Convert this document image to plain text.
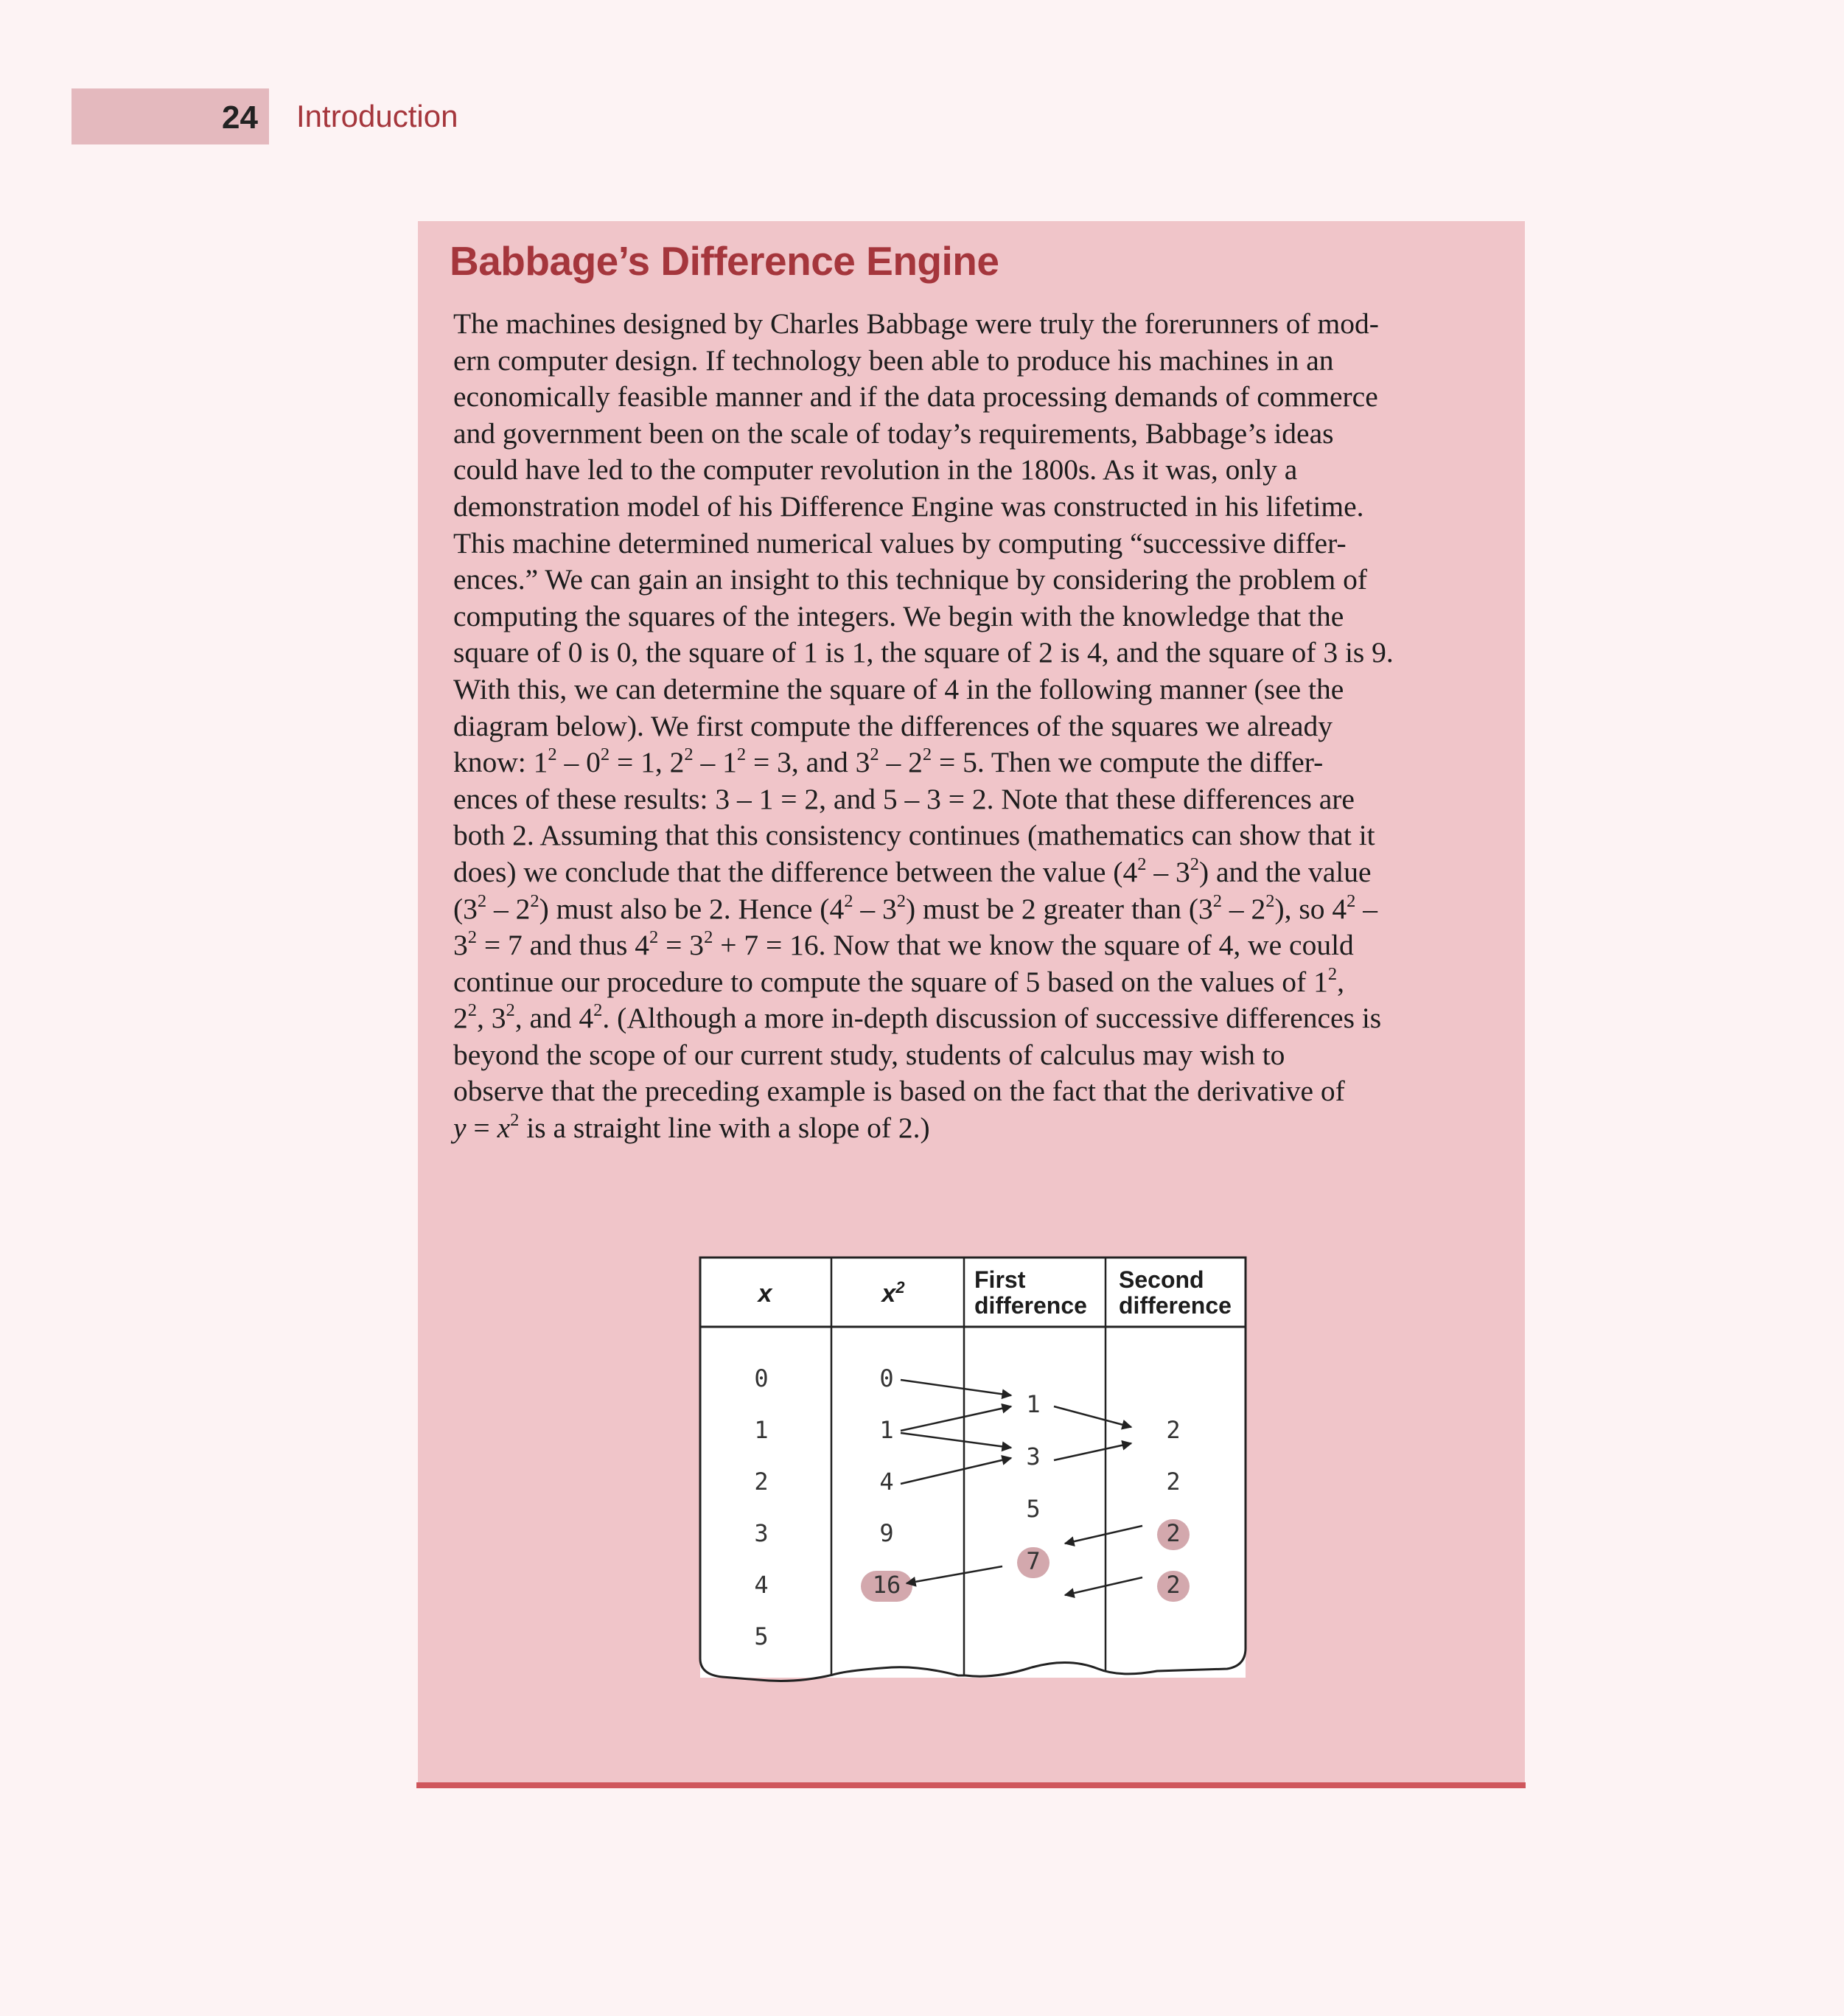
24 Introduction
Babbage’s Difference Engine
The machines designed by Charles Babbage were truly the forerunners of mod-
ern computer design. If technology been able to produce his machines in an
economically feasible manner and if the data processing demands of commerce
and government been on the scale of today’s requirements, Babbage’s ideas
could have led to the computer revolution in the 1800s. As it was, only a
demonstration model of his Difference Engine was constructed in his lifetime.
This machine determined numerical values by computing “successive differ-
ences.” We can gain an insight to this technique by considering the problem of
computing the squares of the integers. We begin with the knowledge that the
square of 0 is 0, the square of 1 is 1, the square of 2 is 4, and the square of 3 is 9.
With this, we can determine the square of 4 in the following manner (see the
diagram below). We first compute the differences of the squares we already
know: $1^2 - 0^2 = 1$, $2^2 - 1^2 = 3$, and $3^2 - 2^2 = 5$. Then we compute the differ-
ences of these results: 3 – 1 = 2, and 5 – 3 = 2. Note that these differences are
both 2. Assuming that this consistency continues (mathematics can show that it
does) we conclude that the difference between the value $(4^2 - 3^2)$ and the value
$(3^2 - 2^2)$ must also be 2. Hence $(4^2 - 3^2)$ must be 2 greater than $(3^2 - 2^2)$, so $4^2$ –
$3^2 = 7$ and thus $4^2 = 3^2 + 7 = 16$. Now that we know the square of 4, we could
continue our procedure to compute the square of 5 based on the values of $1^2$,
$2^2$, $3^2$, and $4^2$. (Although a more in-depth discussion of successive differences is
beyond the scope of our current study, students of calculus may wish to
observe that the preceding example is based on the fact that the derivative of
$y = x^2$ is a straight line with a slope of 2.)
x	$x^2$	First
difference
Second
difference
0
1
2
3
4
5
0
1
4
9
16
1
3
5
7
2
2
2
2
